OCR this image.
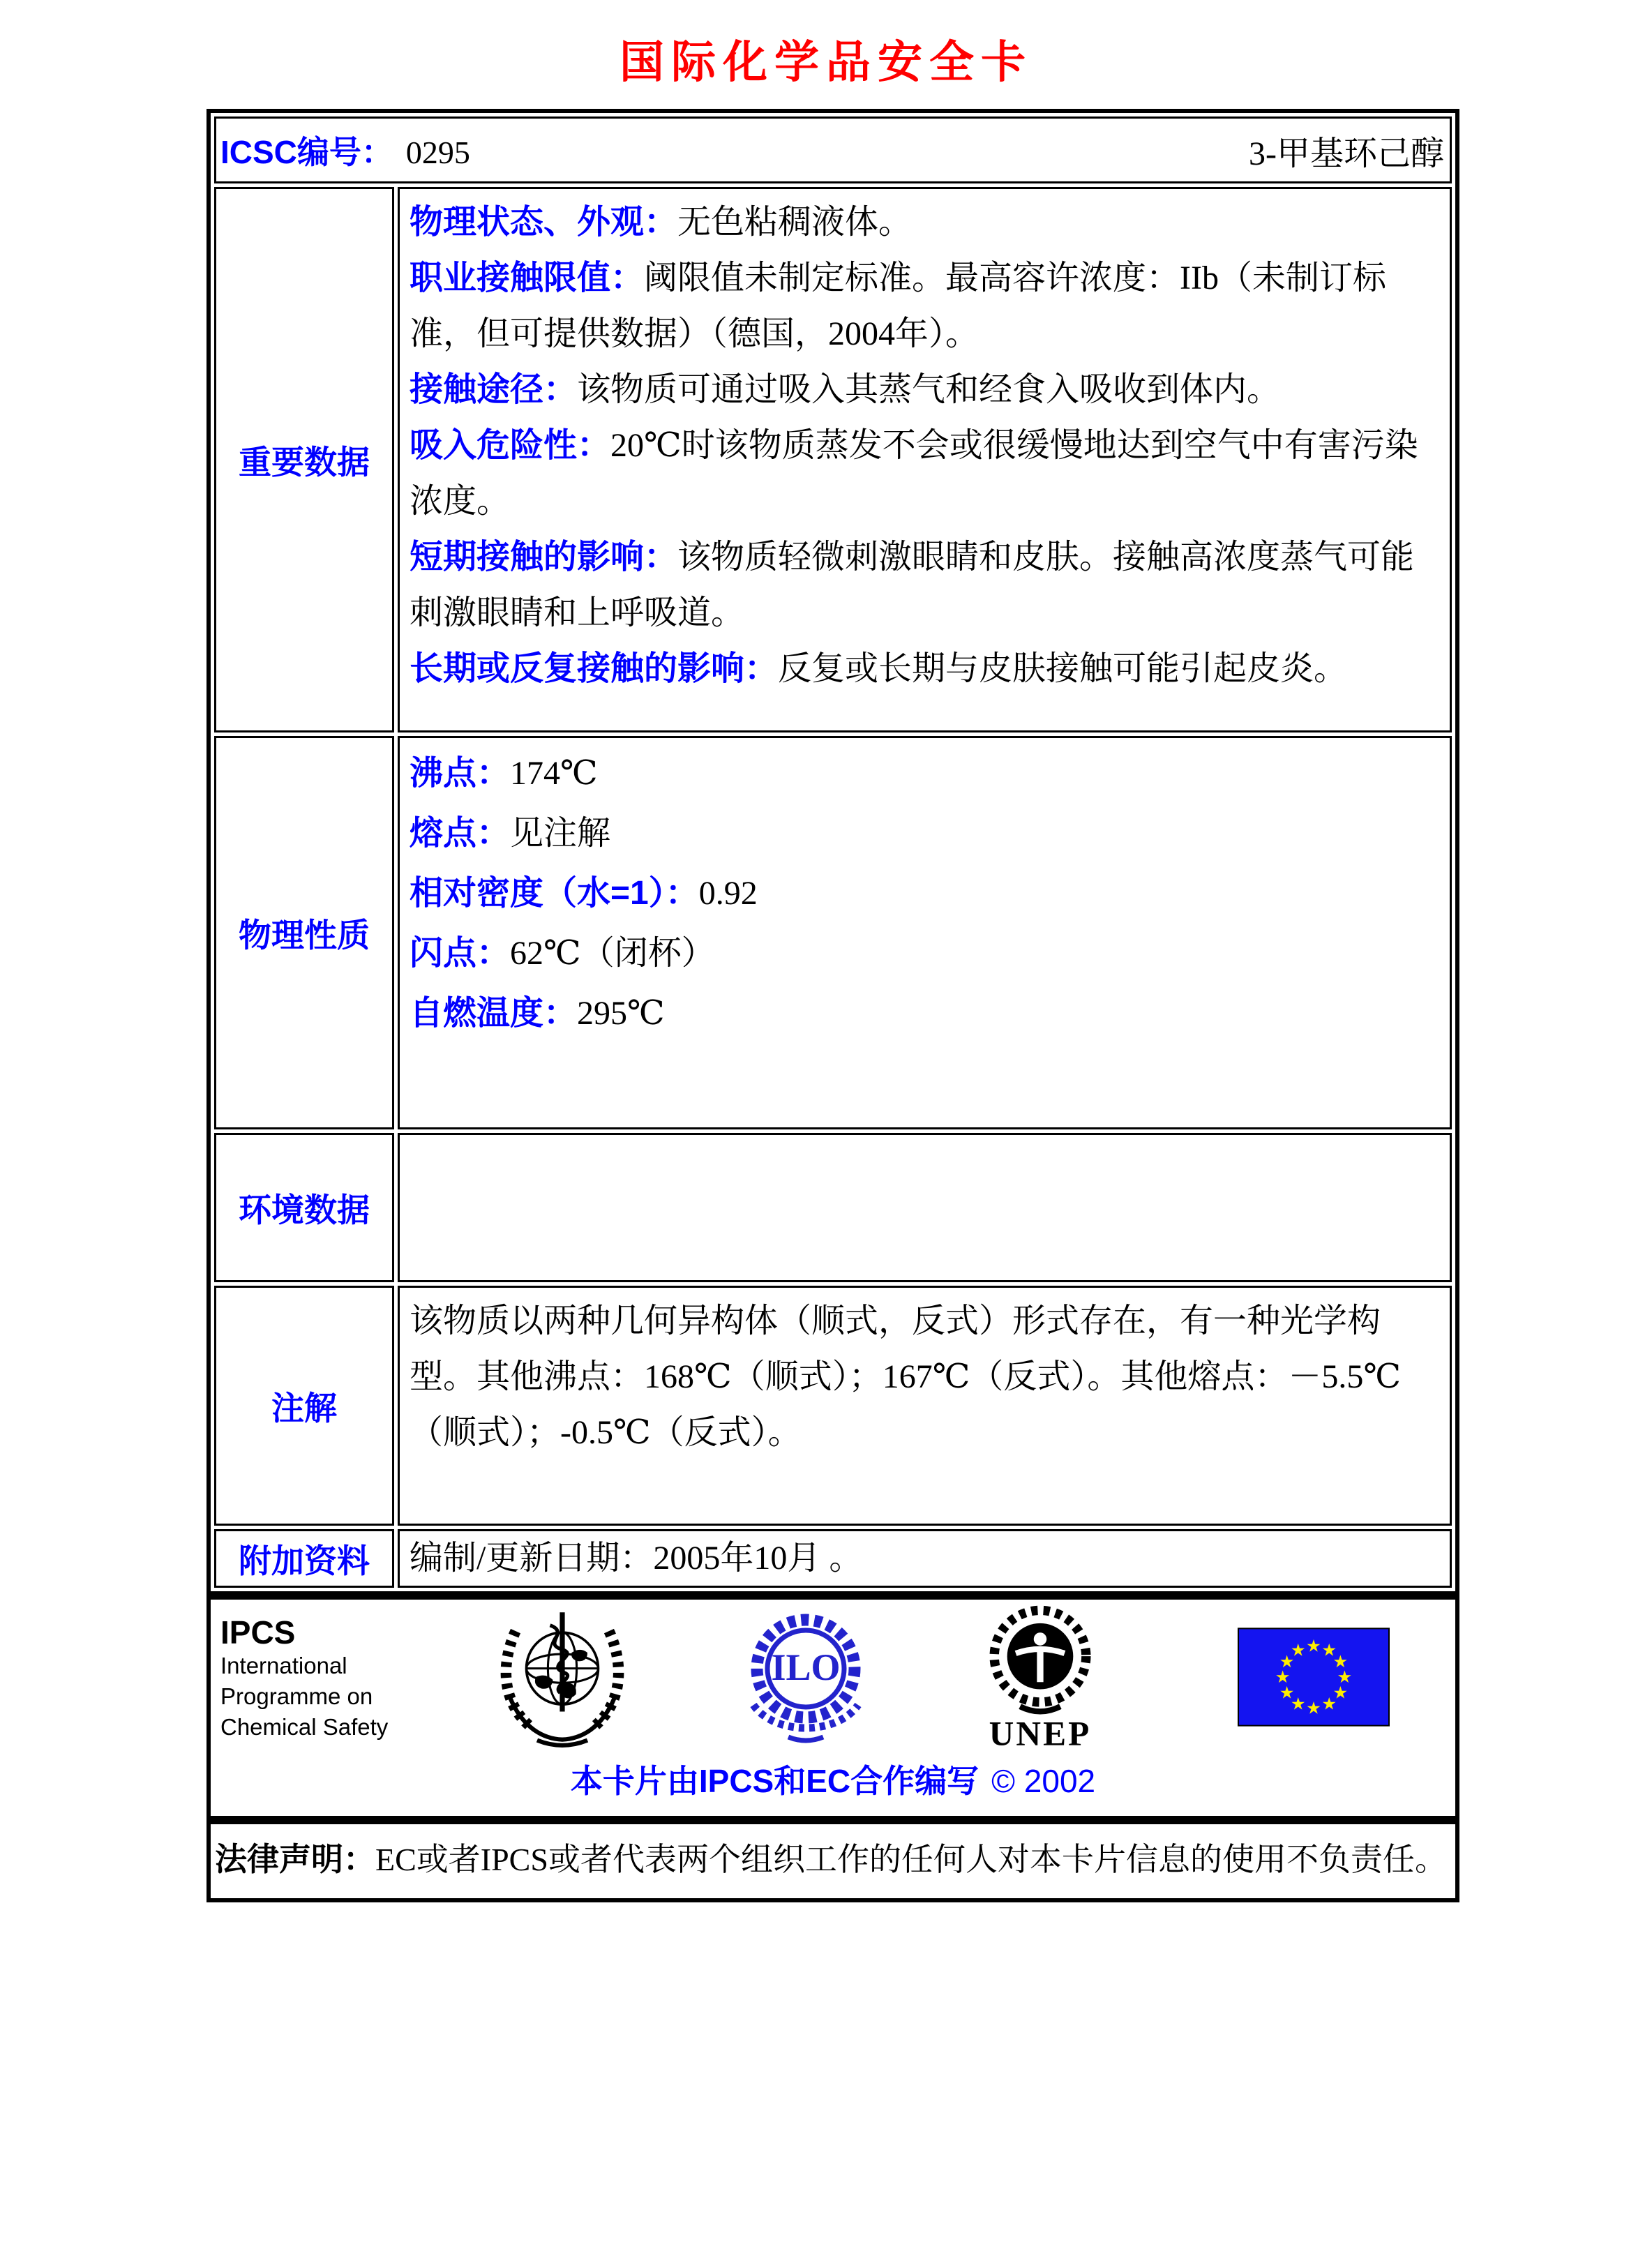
国际化学品安全卡
ICSC编号： 0295	3-甲基环己醇
重要数据
物理状态、外观：无色粘稠液体。
职业接触限值：阈限值未制定标准。最高容许浓度：IIb（未制订标准，但可提供数据）（德国，2004年）。
接触途径：该物质可通过吸入其蒸气和经食入吸收到体内。
吸入危险性：20℃时该物质蒸发不会或很缓慢地达到空气中有害污染浓度。
短期接触的影响：该物质轻微刺激眼睛和皮肤。接触高浓度蒸气可能刺激眼睛和上呼吸道。
长期或反复接触的影响：反复或长期与皮肤接触可能引起皮炎。
物理性质
沸点：174℃
熔点：见注解
相对密度（水=1）：0.92
闪点：62℃（闭杯）
自燃温度：295℃
环境数据
注解
该物质以两种几何异构体（顺式，反式）形式存在，有一种光学构型。其他沸点：168℃（顺式）；167℃（反式）。其他熔点：－5.5℃（顺式）；-0.5℃（反式）。
附加资料	编制/更新日期：2005年10月 。
IPCS
International
Programme on
Chemical Safety
ILO
UNEP
★ ★
★
★
★
★
★
★
★
★
★
★
本卡片由IPCS和EC合作编写 © 2002
法律声明：EC或者IPCS或者代表两个组织工作的任何人对本卡片信息的使用不负责任。
